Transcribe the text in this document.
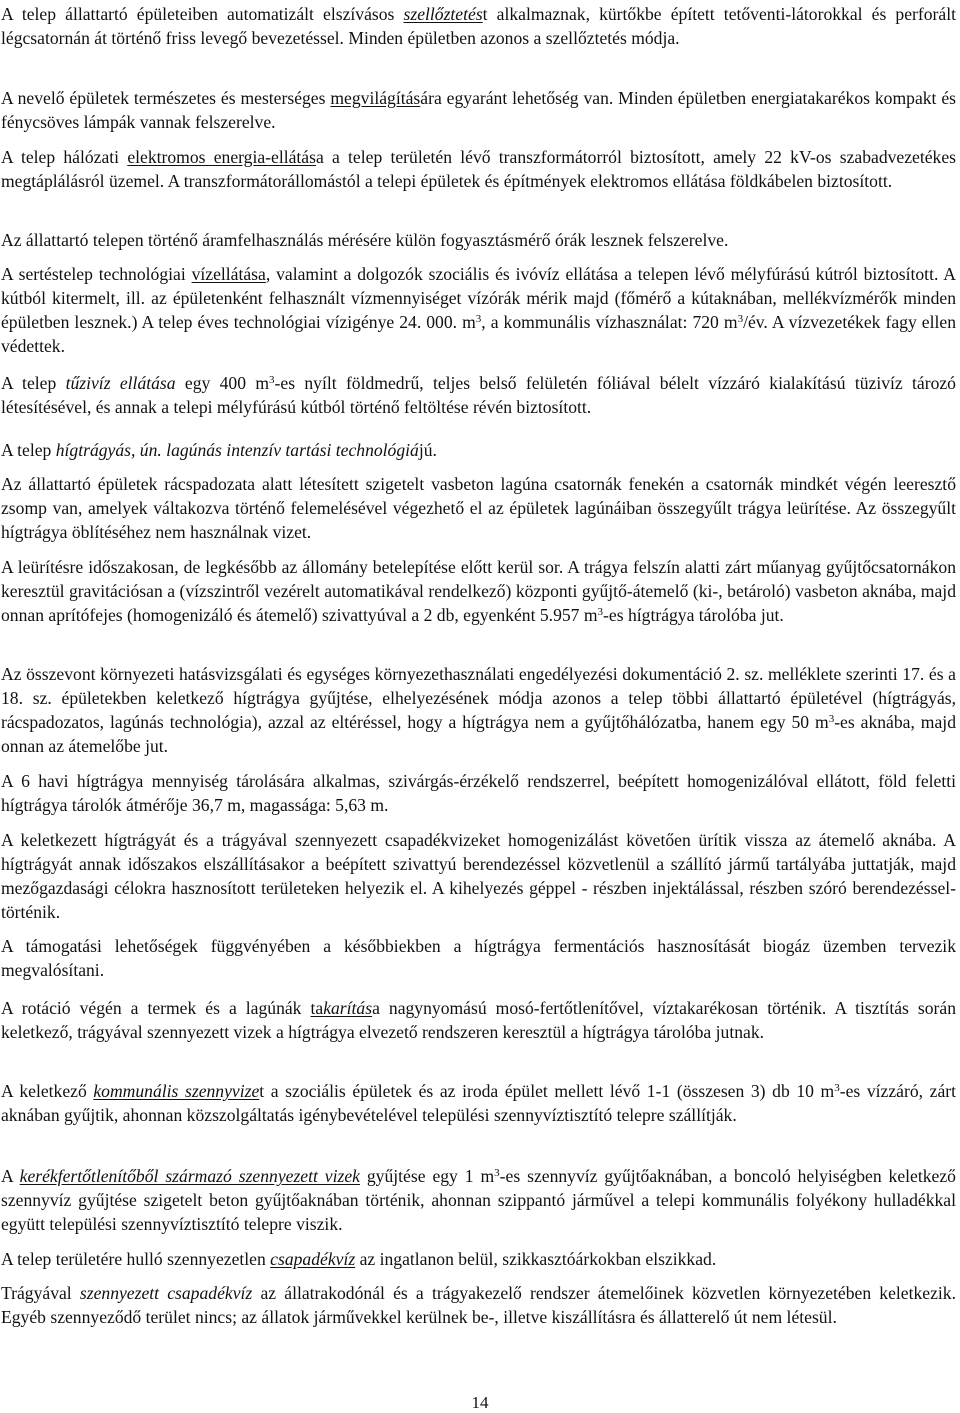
A telep állattartó épületeiben automatizált elszívásos szellőztetést alkalmaznak, kürtőkbe épített tetőventi-látorokkal és perforált légcsatornán át történő friss levegő bevezetéssel. Minden épületben azonos a szellőztetés módja.

A nevelő épületek természetes és mesterséges megvilágítására egyaránt lehetőség van. Minden épületben energiatakarékos kompakt és fénycsöves lámpák vannak felszerelve.

A telep hálózati elektromos energia-ellátása a telep területén lévő transzformátorról biztosított, amely 22 kV-os szabadvezetékes megtáplálásról üzemel. A transzformátorállomástól a telepi épületek és építmények elektromos ellátása földkábelen biztosított.

Az állattartó telepen történő áramfelhasználás mérésére külön fogyasztásmérő órák lesznek felszerelve.

A sertéstelep technológiai vízellátása, valamint a dolgozók szociális és ivóvíz ellátása a telepen lévő mélyfúrású kútról biztosított. A kútból kitermelt, ill. az épületenként felhasznált vízmennyiséget vízórák mérik majd (főmérő a kútaknában, mellékvízmérők minden épületben lesznek.) A telep éves technológiai vízigénye 24. 000. $m^3$, a kommunális vízhasználat: 720 $m^3/év$. A vízvezetékek fagy ellen védettek.

A telep tűzivíz ellátása egy 400 $m^3-es$ nyílt földmedrű, teljes belső felületén fóliával bélelt vízzáró kialakítású tüzivíz tározó létesítésével, és annak a telepi mélyfúrású kútból történő feltöltése révén biztosított.

A telep hígtrágyás, ún. lagúnás intenzív tartási technológiájú.

Az állattartó épületek rácspadozata alatt létesített szigetelt vasbeton lagúna csatornák fenekén a csatornák mindkét végén leeresztő zsomp van, amelyek váltakozva történő felemelésével végezhető el az épületek lagúnáiban összegyűlt trágya leürítése. Az összegyűlt hígtrágya öblítéséhez nem használnak vizet.

A leürítésre időszakosan, de legkésőbb az állomány betelepítése előtt kerül sor. A trágya felszín alatti zárt műanyag gyűjtőcsatornákon keresztül gravitációsan a (vízszintről vezérelt automatikával rendelkező) központi gyűjtő-átemelő (ki-, betároló) vasbeton aknába, majd onnan aprítófejes (homogenizáló és átemelő) szivattyúval a 2 db, egyenként 5.957 $m^3-es$ hígtrágya tárolóba jut.

Az összevont környezeti hatásvizsgálati és egységes környezethasználati engedélyezési dokumentáció 2. sz. melléklete szerinti 17. és a 18. sz. épületekben keletkező hígtrágya gyűjtése, elhelyezésének módja azonos a telep többi állattartó épületével (hígtrágyás, rácspadozatos, lagúnás technológia), azzal az eltéréssel, hogy a hígtrágya nem a gyűjtőhálózatba, hanem egy 50 $m^3-es$ aknába, majd onnan az átemelőbe jut.

A 6 havi hígtrágya mennyiség tárolására alkalmas, szivárgás-érzékelő rendszerrel, beépített homogenizálóval ellátott, föld feletti hígtrágya tárolók átmérője 36,7 m, magassága: 5,63 m.

A keletkezett hígtrágyát és a trágyával szennyezett csapadékvizeket homogenizálást követően ürítik vissza az átemelő aknába. A hígtrágyát annak időszakos elszállításakor a beépített szivattyú berendezéssel közvetlenül a szállító jármű tartályába juttatják, majd mezőgazdasági célokra hasznosított területeken helyezik el. A kihelyezés géppel - részben injektálással, részben szóró berendezéssel- történik.

A támogatási lehetőségek függvényében a későbbiekben a hígtrágya fermentációs hasznosítását biogáz üzemben tervezik megvalósítani.

A rotáció végén a termek és a lagúnák takarítása nagynyomású mosó-fertőtlenítővel, víztakarékosan történik. A tisztítás során keletkező, trágyával szennyezett vizek a hígtrágya elvezető rendszeren keresztül a hígtrágya tárolóba jutnak.

A keletkező kommunális szennyvizet a szociális épületek és az iroda épület mellett lévő 1-1 (összesen 3) db 10 $m^3-es$ vízzáró, zárt aknában gyűjtik, ahonnan közszolgáltatás igénybevételével települési szennyvíztisztító telepre szállítják.

A kerékfertőtlenítőből származó szennyezett vizek gyűjtése egy 1 $m^3-es$ szennyvíz gyűjtőaknában, a boncoló helyiségben keletkező szennyvíz gyűjtése szigetelt beton gyűjtőaknában történik, ahonnan szippantó járművel a telepi kommunális folyékony hulladékkal együtt települési szennyvíztisztító telepre viszik.

A telep területére hulló szennyezetlen csapadékvíz az ingatlanon belül, szikkasztóárkokban elszikkad.

Trágyával szennyezett csapadékvíz az állatrakodónál és a trágyakezelő rendszer átemelőinek közvetlen környezetében keletkezik. Egyéb szennyeződő terület nincs; az állatok járművekkel kerülnek be-, illetve kiszállításra és állatterelő út nem létesül.

14
